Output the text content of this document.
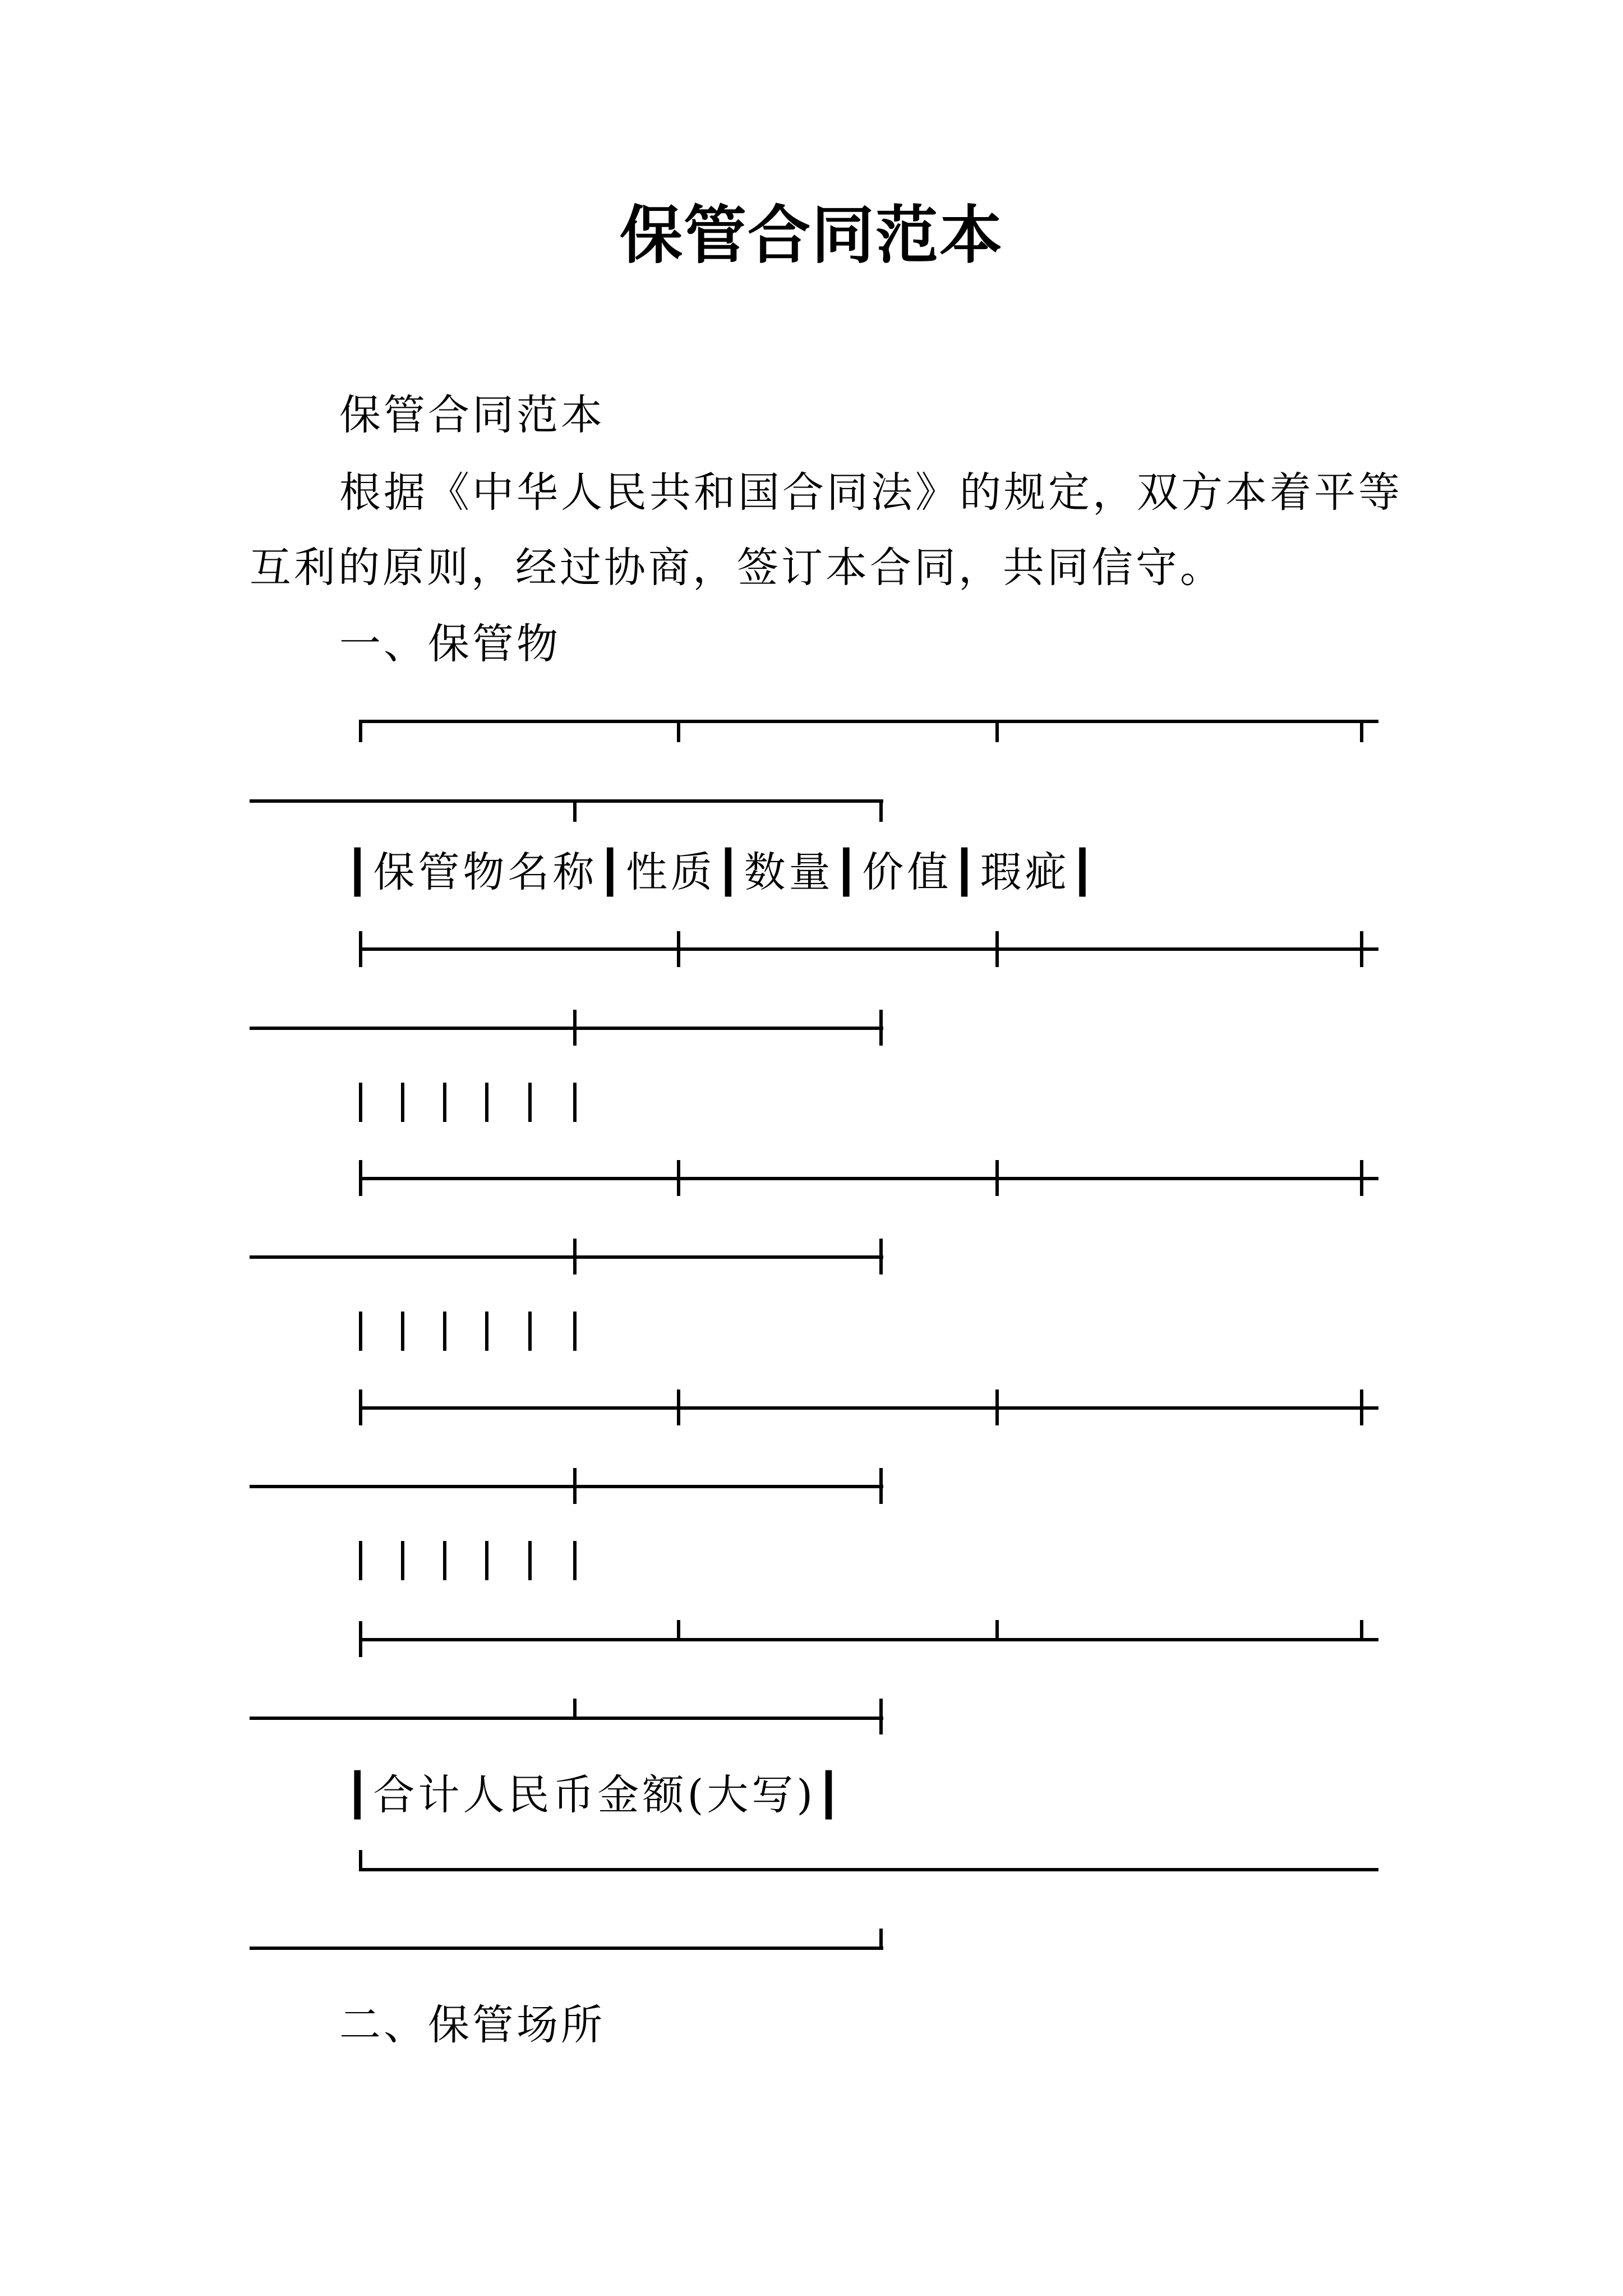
保管合同范本
保管合同范本
根据《中华人民共和国合同法》的规定，双方本着平等
互利的原则，经过协商，签订本合同，共同信守。
一、保管物
┃保管物名称┃性质┃数量┃价值┃瑕疵┃
┃合计人民币金额(大写)┃
二、保管场所
